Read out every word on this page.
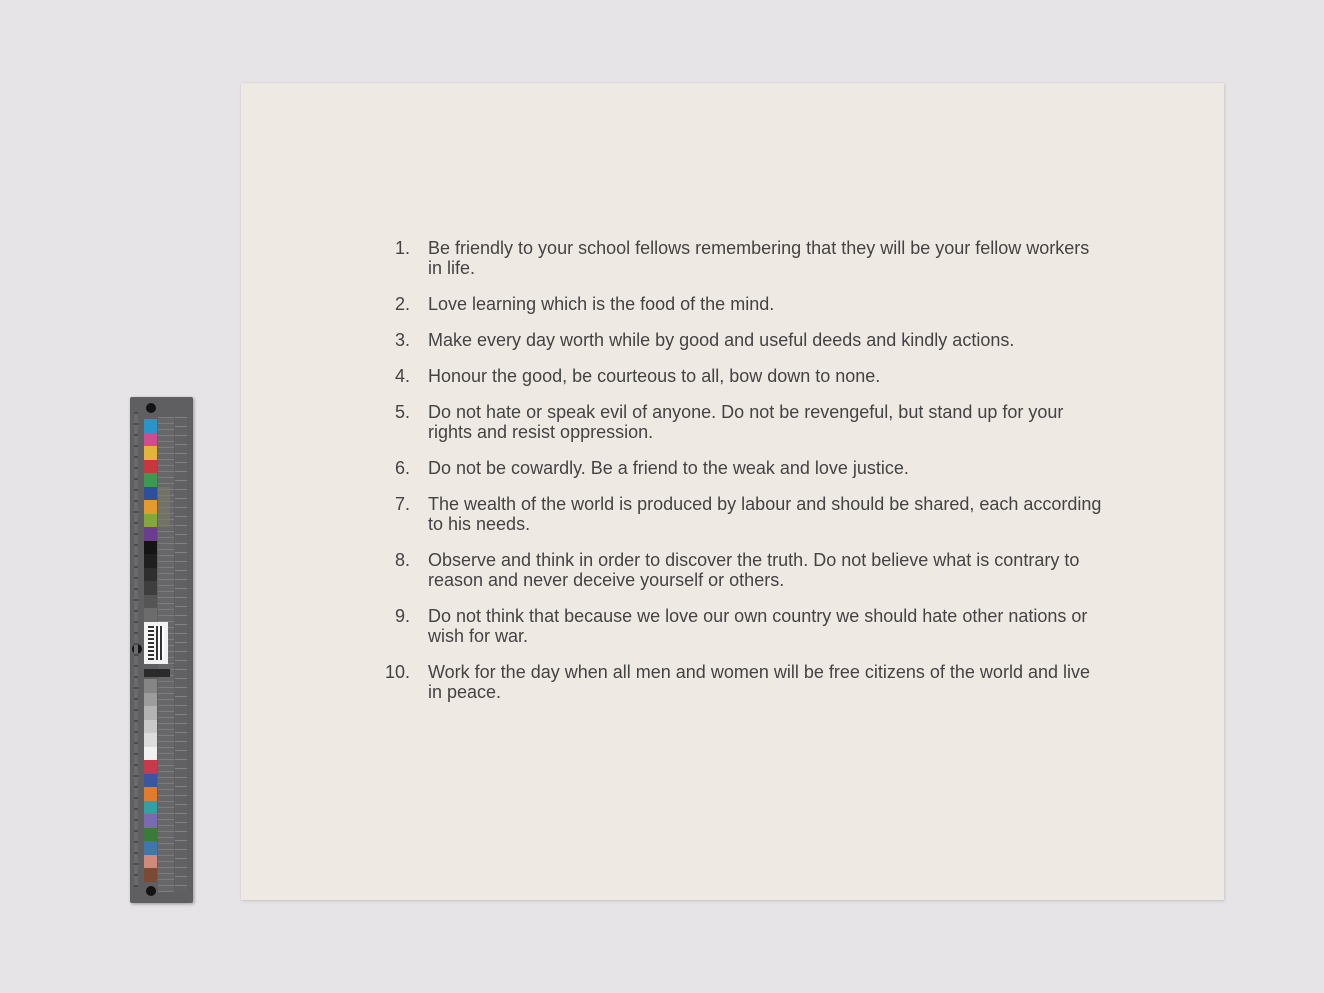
1.	Be friendly to your school fellows remembering that they will be your fellow workers in life.
2.	Love learning which is the food of the mind.
3.	Make every day worth while by good and useful deeds and kindly actions.
4.	Honour the good, be courteous to all, bow down to none.
5.	Do not hate or speak evil of anyone. Do not be revengeful, but stand up for your rights and resist oppression.
6.	Do not be cowardly. Be a friend to the weak and love justice.
7.	The wealth of the world is produced by labour and should be shared, each according to his needs.
8.	Observe and think in order to discover the truth. Do not believe what is contrary to reason and never deceive yourself or others.
9.	Do not think that because we love our own country we should hate other nations or wish for war.
10.	Work for the day when all men and women will be free citizens of the world and live in peace.
